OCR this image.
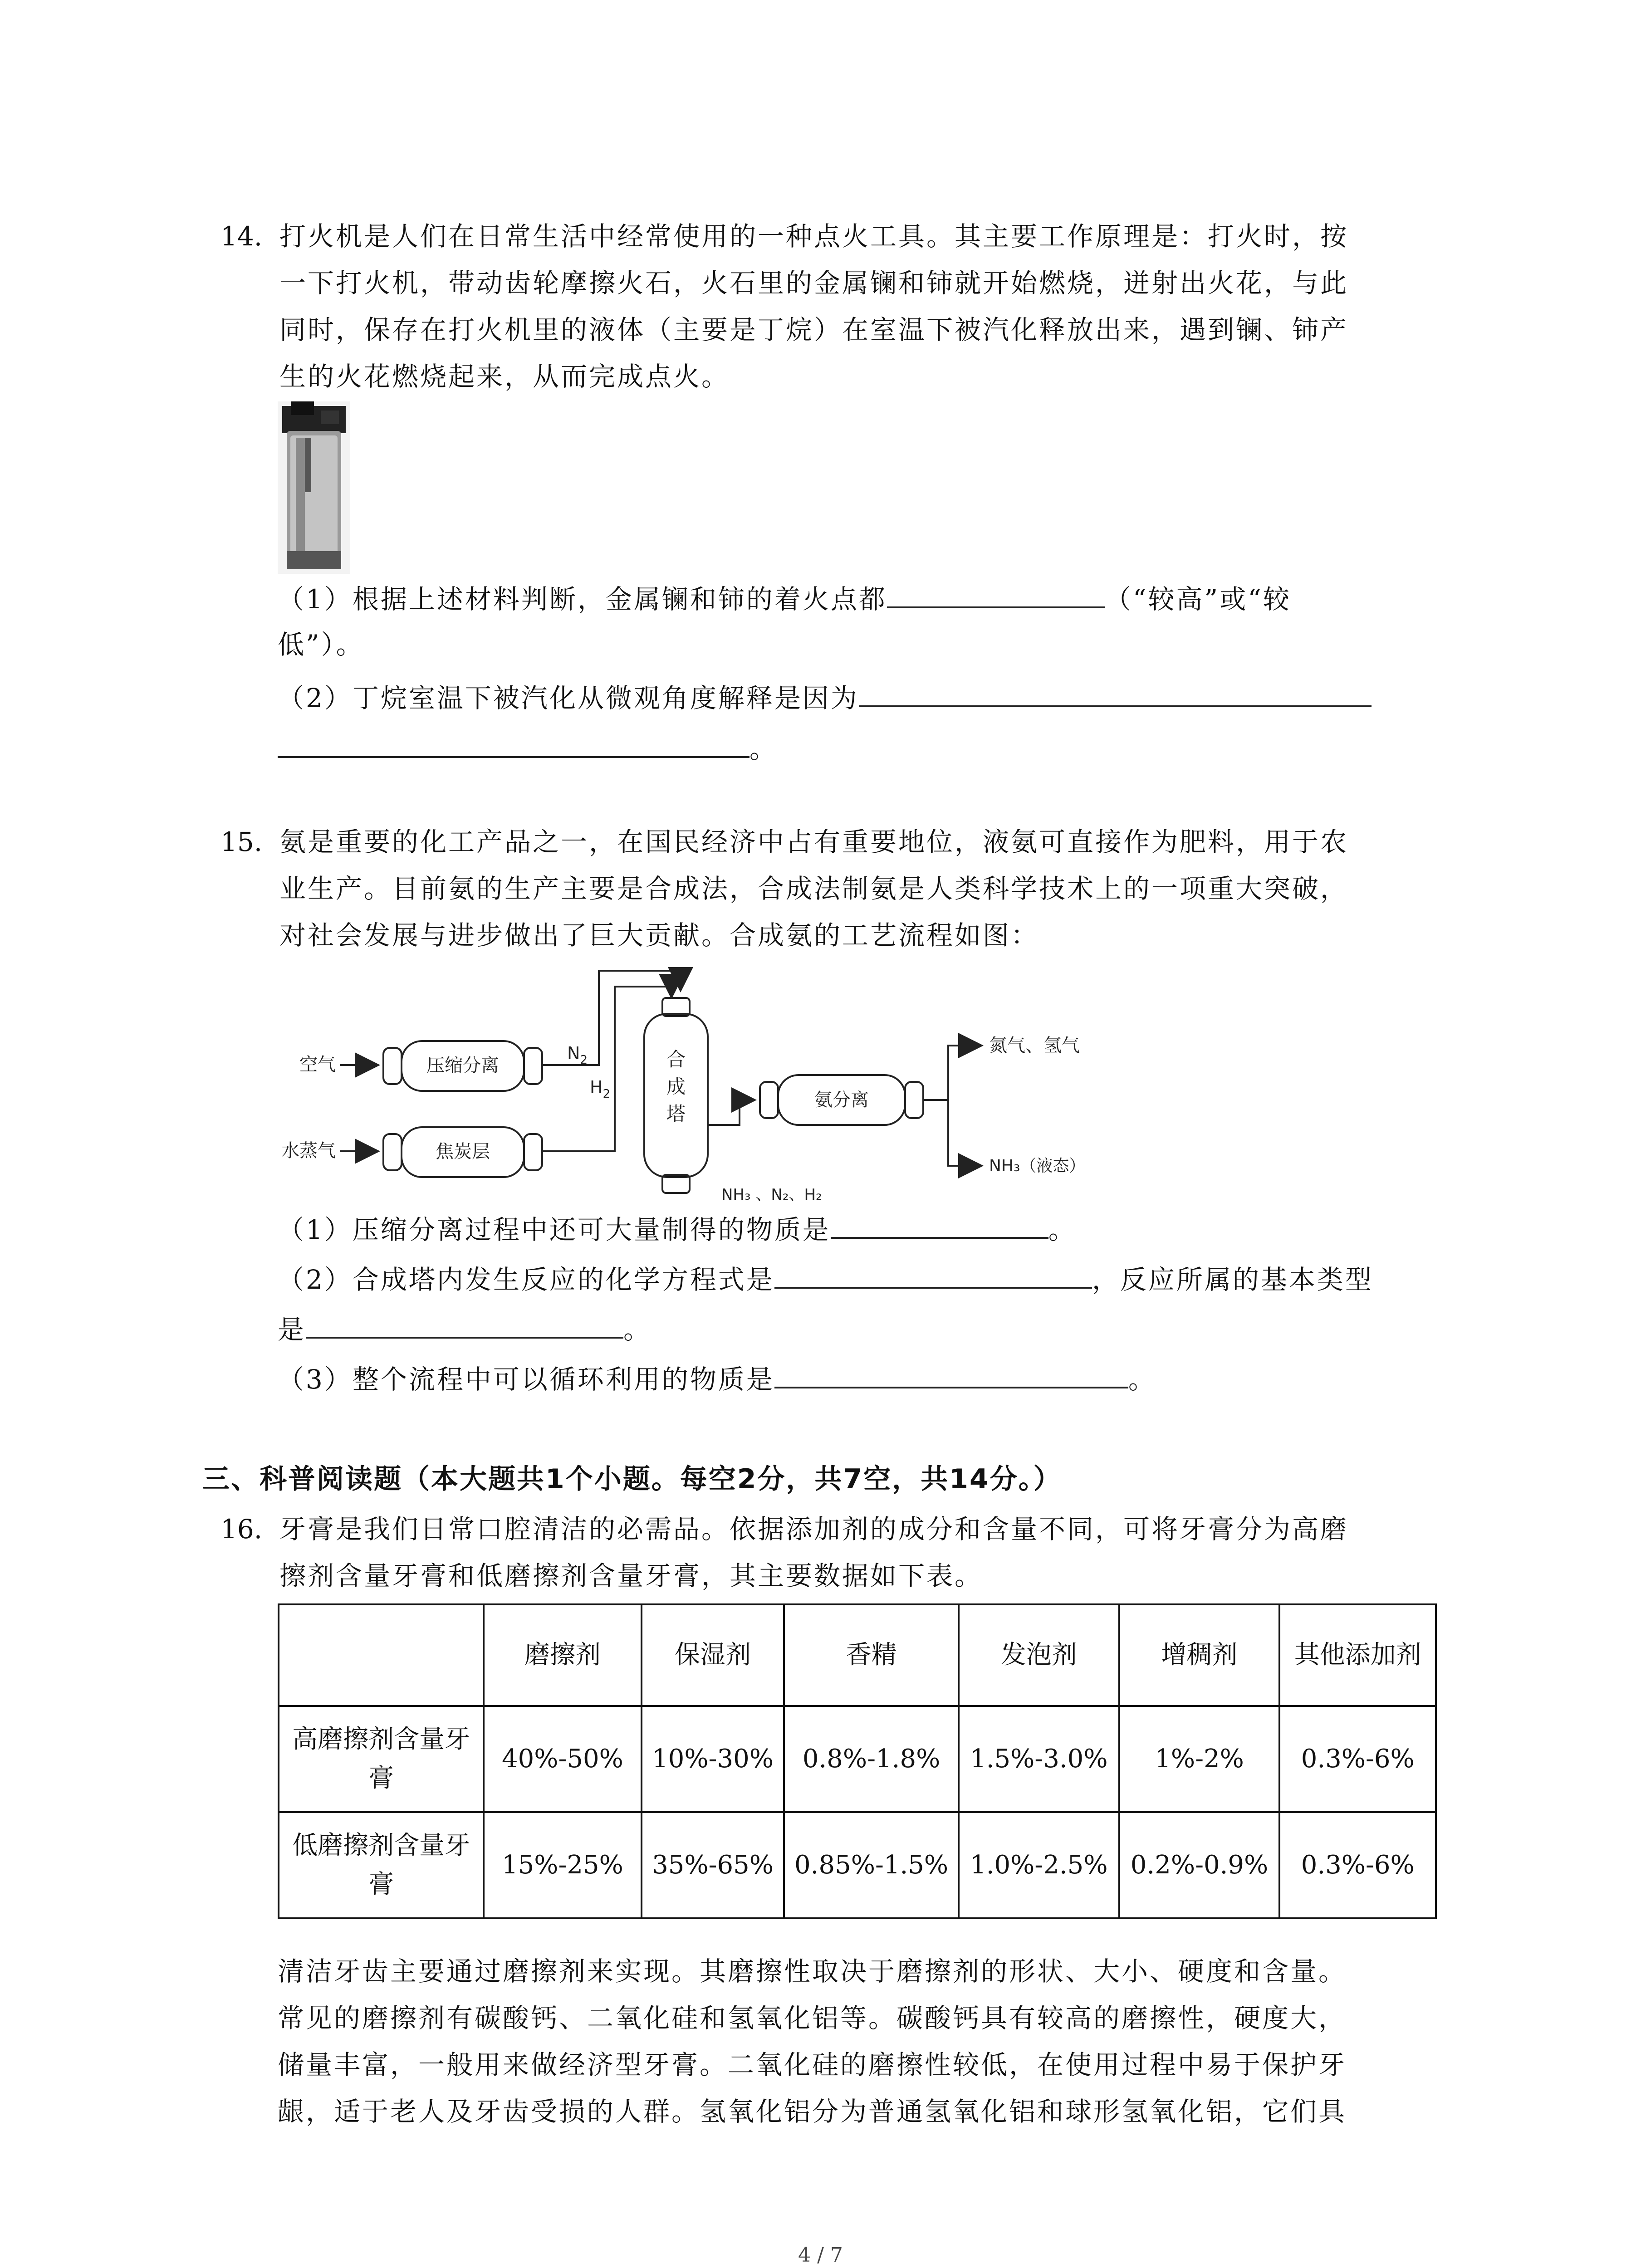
14. 打火机是人们在日常生活中经常使用的一种点火工具。其主要工作原理是：打火时，按
一下打火机，带动齿轮摩擦火石，火石里的金属镧和铈就开始燃烧，迸射出火花，与此
同时，保存在打火机里的液体（主要是丁烷）在室温下被汽化释放出来，遇到镧、铈产
生的火花燃烧起来，从而完成点火。
（1）根据上述材料判断，金属镧和铈的着火点都	（“较高”或“较
低”）。
（2）丁烷室温下被汽化从微观角度解释是因为
。
15. 氨是重要的化工产品之一，在国民经济中占有重要地位，液氨可直接作为肥料，用于农
业生产。目前氨的生产主要是合成法，合成法制氨是人类科学技术上的一项重大突破，
对社会发展与进步做出了巨大贡献。合成氨的工艺流程如图：
空气	压缩分离
水蒸气	焦炭层
$N_2$
$H_2$
合
成
塔
NH₃ 、N₂、H₂
氨分离
氮气、氢气
NH₃（液态）
（1）压缩分离过程中还可大量制得的物质是	。
（2）合成塔内发生反应的化学方程式是	，反应所属的基本类型
是	。
（3）整个流程中可以循环利用的物质是	。
三、科普阅读题（本大题共1个小题。每空2分，共7空，共14分。）
16. 牙膏是我们日常口腔清洁的必需品。依据添加剂的成分和含量不同，可将牙膏分为高磨
擦剂含量牙膏和低磨擦剂含量牙膏，其主要数据如下表。
	磨擦剂	保湿剂	香精	发泡剂	增稠剂	其他添加剂
高磨擦剂含量牙膏	40%-50%	10%-30%	0.8%-1.8%	1.5%-3.0%	1%-2%	0.3%-6%
低磨擦剂含量牙膏	15%-25%	35%-65%	0.85%-1.5%	1.0%-2.5%	0.2%-0.9%	0.3%-6%
清洁牙齿主要通过磨擦剂来实现。其磨擦性取决于磨擦剂的形状、大小、硬度和含量。
常见的磨擦剂有碳酸钙、二氧化硅和氢氧化铝等。碳酸钙具有较高的磨擦性，硬度大，
储量丰富，一般用来做经济型牙膏。二氧化硅的磨擦性较低，在使用过程中易于保护牙
龈，适于老人及牙齿受损的人群。氢氧化铝分为普通氢氧化铝和球形氢氧化铝，它们具
4 / 7
